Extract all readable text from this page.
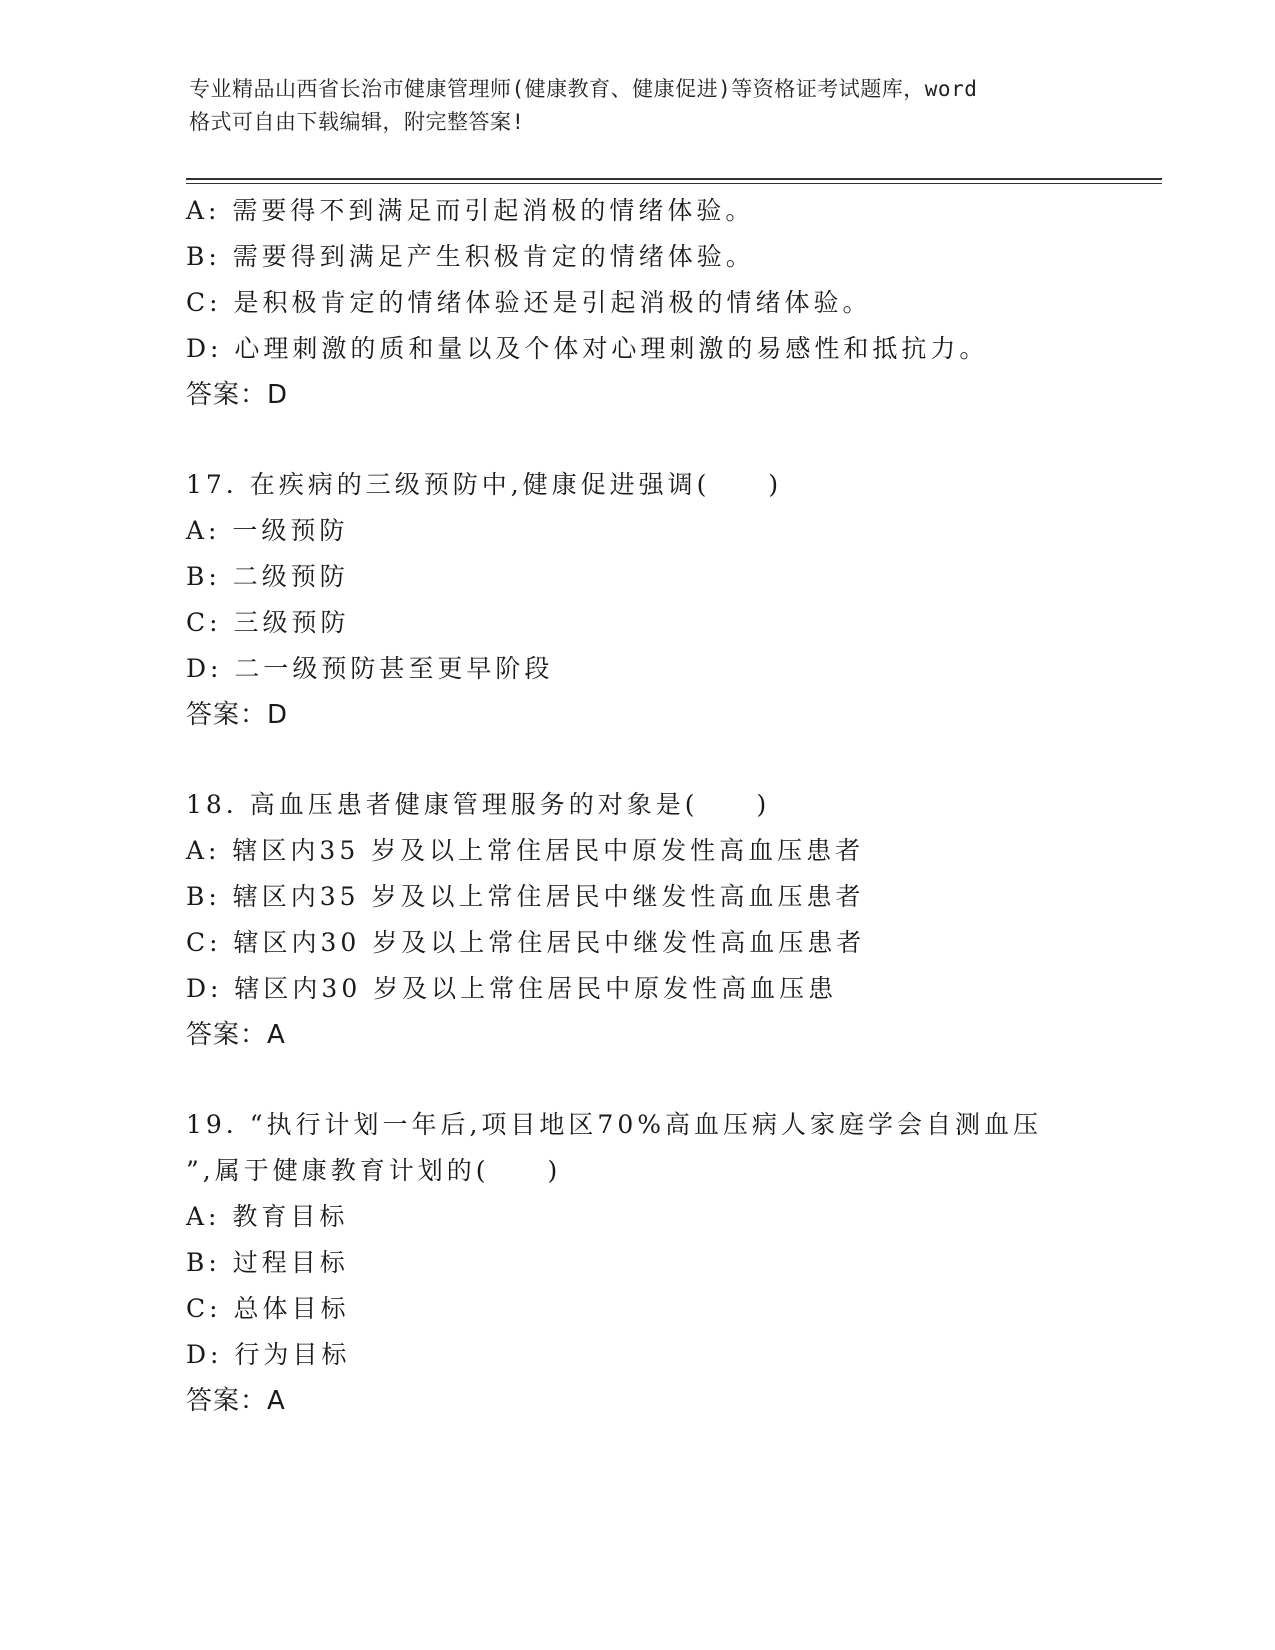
专业精品山西省长治市健康管理师(健康教育、健康促进)等资格证考试题库，word

格式可自由下载编辑，附完整答案!

A: 需要得不到满足而引起消极的情绪体验。
B: 需要得到满足产生积极肯定的情绪体验。
C: 是积极肯定的情绪体验还是引起消极的情绪体验。
D: 心理刺激的质和量以及个体对心理刺激的易感性和抵抗力。
答案：D
17. 在疾病的三级预防中,健康促进强调(　　)
A: 一级预防
B: 二级预防
C: 三级预防
D: 二一级预防甚至更早阶段
答案：D
18. 高血压患者健康管理服务的对象是(　　)
A: 辖区内35 岁及以上常住居民中原发性高血压患者
B: 辖区内35 岁及以上常住居民中继发性高血压患者
C: 辖区内30 岁及以上常住居民中继发性高血压患者
D: 辖区内30 岁及以上常住居民中原发性高血压患
答案：A
19. “执行计划一年后,项目地区70%高血压病人家庭学会自测血压
”,属于健康教育计划的(　　)
A: 教育目标
B: 过程目标
C: 总体目标
D: 行为目标
答案：A
